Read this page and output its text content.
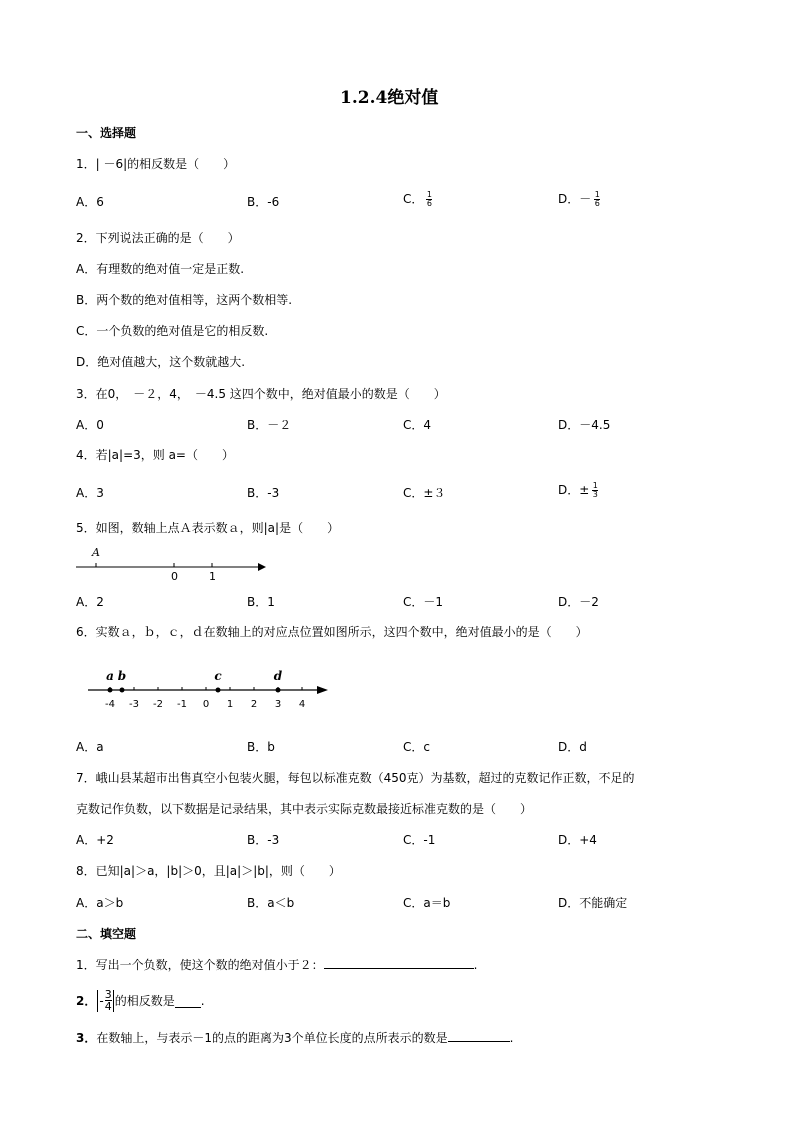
1.2.4绝对值
一、选择题
1．| －6|的相反数是（　　）
A．6	B．-6	C． $\frac{1}{6}$	D．－ $\frac{1}{6}$
2．下列说法正确的是（　　）
A．有理数的绝对值一定是正数.
B．两个数的绝对值相等，这两个数相等.
C．一个负数的绝对值是它的相反数.
D．绝对值越大，这个数就越大.
3．在0，　－２，4，　－4.5 这四个数中，绝对值最小的数是（　　）
A．0	B．－２	C．4	D．－4.5
4．若|a|=3，则 a=（　　）
A．3	B．-3	C．±３	D．± $\frac{1}{3}$
5．如图，数轴上点Ａ表示数ａ，则|a|是（　　）
A
0	1
A．2	B．1	C．－1	D．－2
6．实数ａ，ｂ，ｃ，ｄ在数轴上的对应点位置如图所示，这四个数中，绝对值最小的是（　　）
-4 -3 -2 -1 0 1 2 3 4
a b	c	d
A．a	B．b	C．c	D．d
7．峨山县某超市出售真空小包装火腿，每包以标准克数（450克）为基数，超过的克数记作正数，不足的
克数记作负数，以下数据是记录结果，其中表示实际克数最接近标准克数的是（　　）
A．+2	B．-3	C．-1	D．+4
8．已知|a|＞a，|b|＞0，且|a|＞|b|，则（　　）
A．a＞b	B．a＜b	C．a＝b	D．不能确定
二、填空题
1．写出一个负数，使这个数的绝对值小于２：	.
2． - $\frac{3}{4}$ 的相反数是 .
3．在数轴上，与表示－1的点的距离为3个单位长度的点所表示的数是	.
